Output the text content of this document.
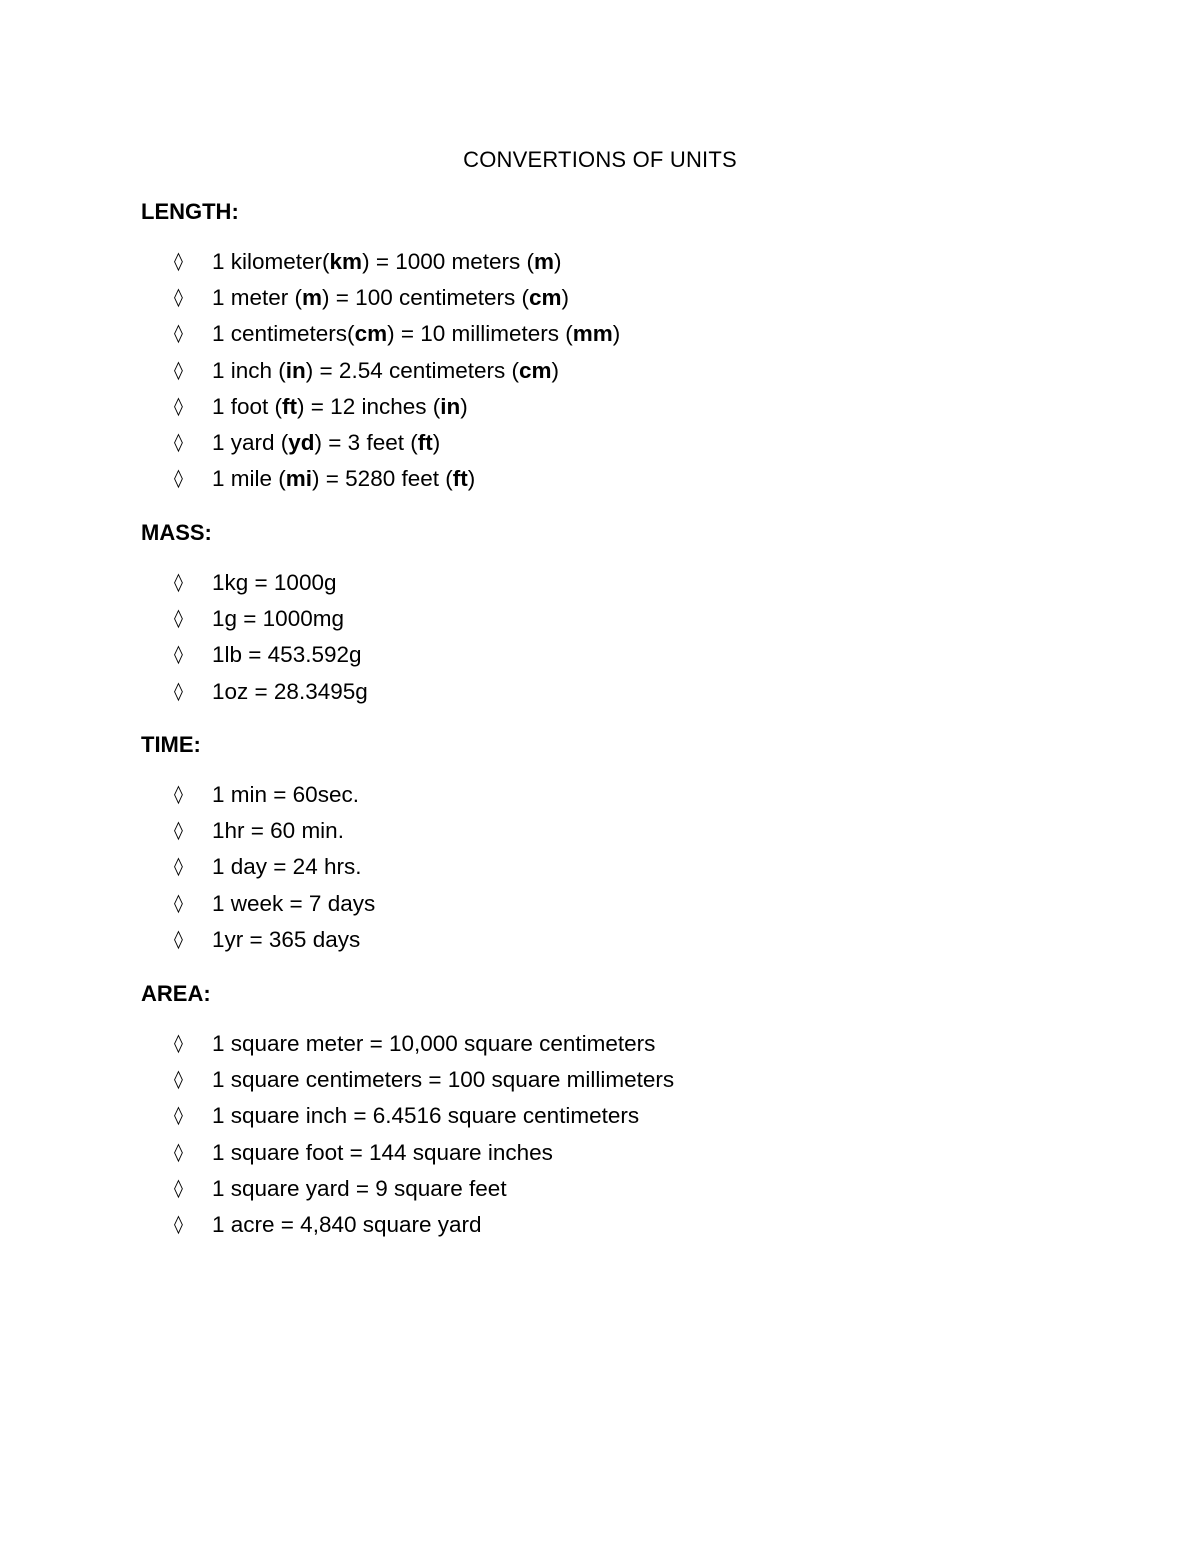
CONVERTIONS OF UNITS
LENGTH:
◊ 1 kilometer(km) = 1000 meters (m)
◊ 1 meter (m) = 100 centimeters (cm)
◊ 1 centimeters(cm) = 10 millimeters (mm)
◊ 1 inch (in) = 2.54 centimeters (cm)
◊ 1 foot (ft) = 12 inches (in)
◊ 1 yard (yd) = 3 feet (ft)
◊ 1 mile (mi) = 5280 feet (ft)
MASS:
◊ 1kg = 1000g
◊ 1g = 1000mg
◊ 1lb = 453.592g
◊ 1oz = 28.3495g
TIME:
◊ 1 min = 60sec.
◊ 1hr = 60 min.
◊ 1 day = 24 hrs.
◊ 1 week = 7 days
◊ 1yr = 365 days
AREA:
◊ 1 square meter = 10,000 square centimeters
◊ 1 square centimeters = 100 square millimeters
◊ 1 square inch = 6.4516 square centimeters
◊ 1 square foot = 144 square inches
◊ 1 square yard = 9 square feet
◊ 1 acre = 4,840 square yard
